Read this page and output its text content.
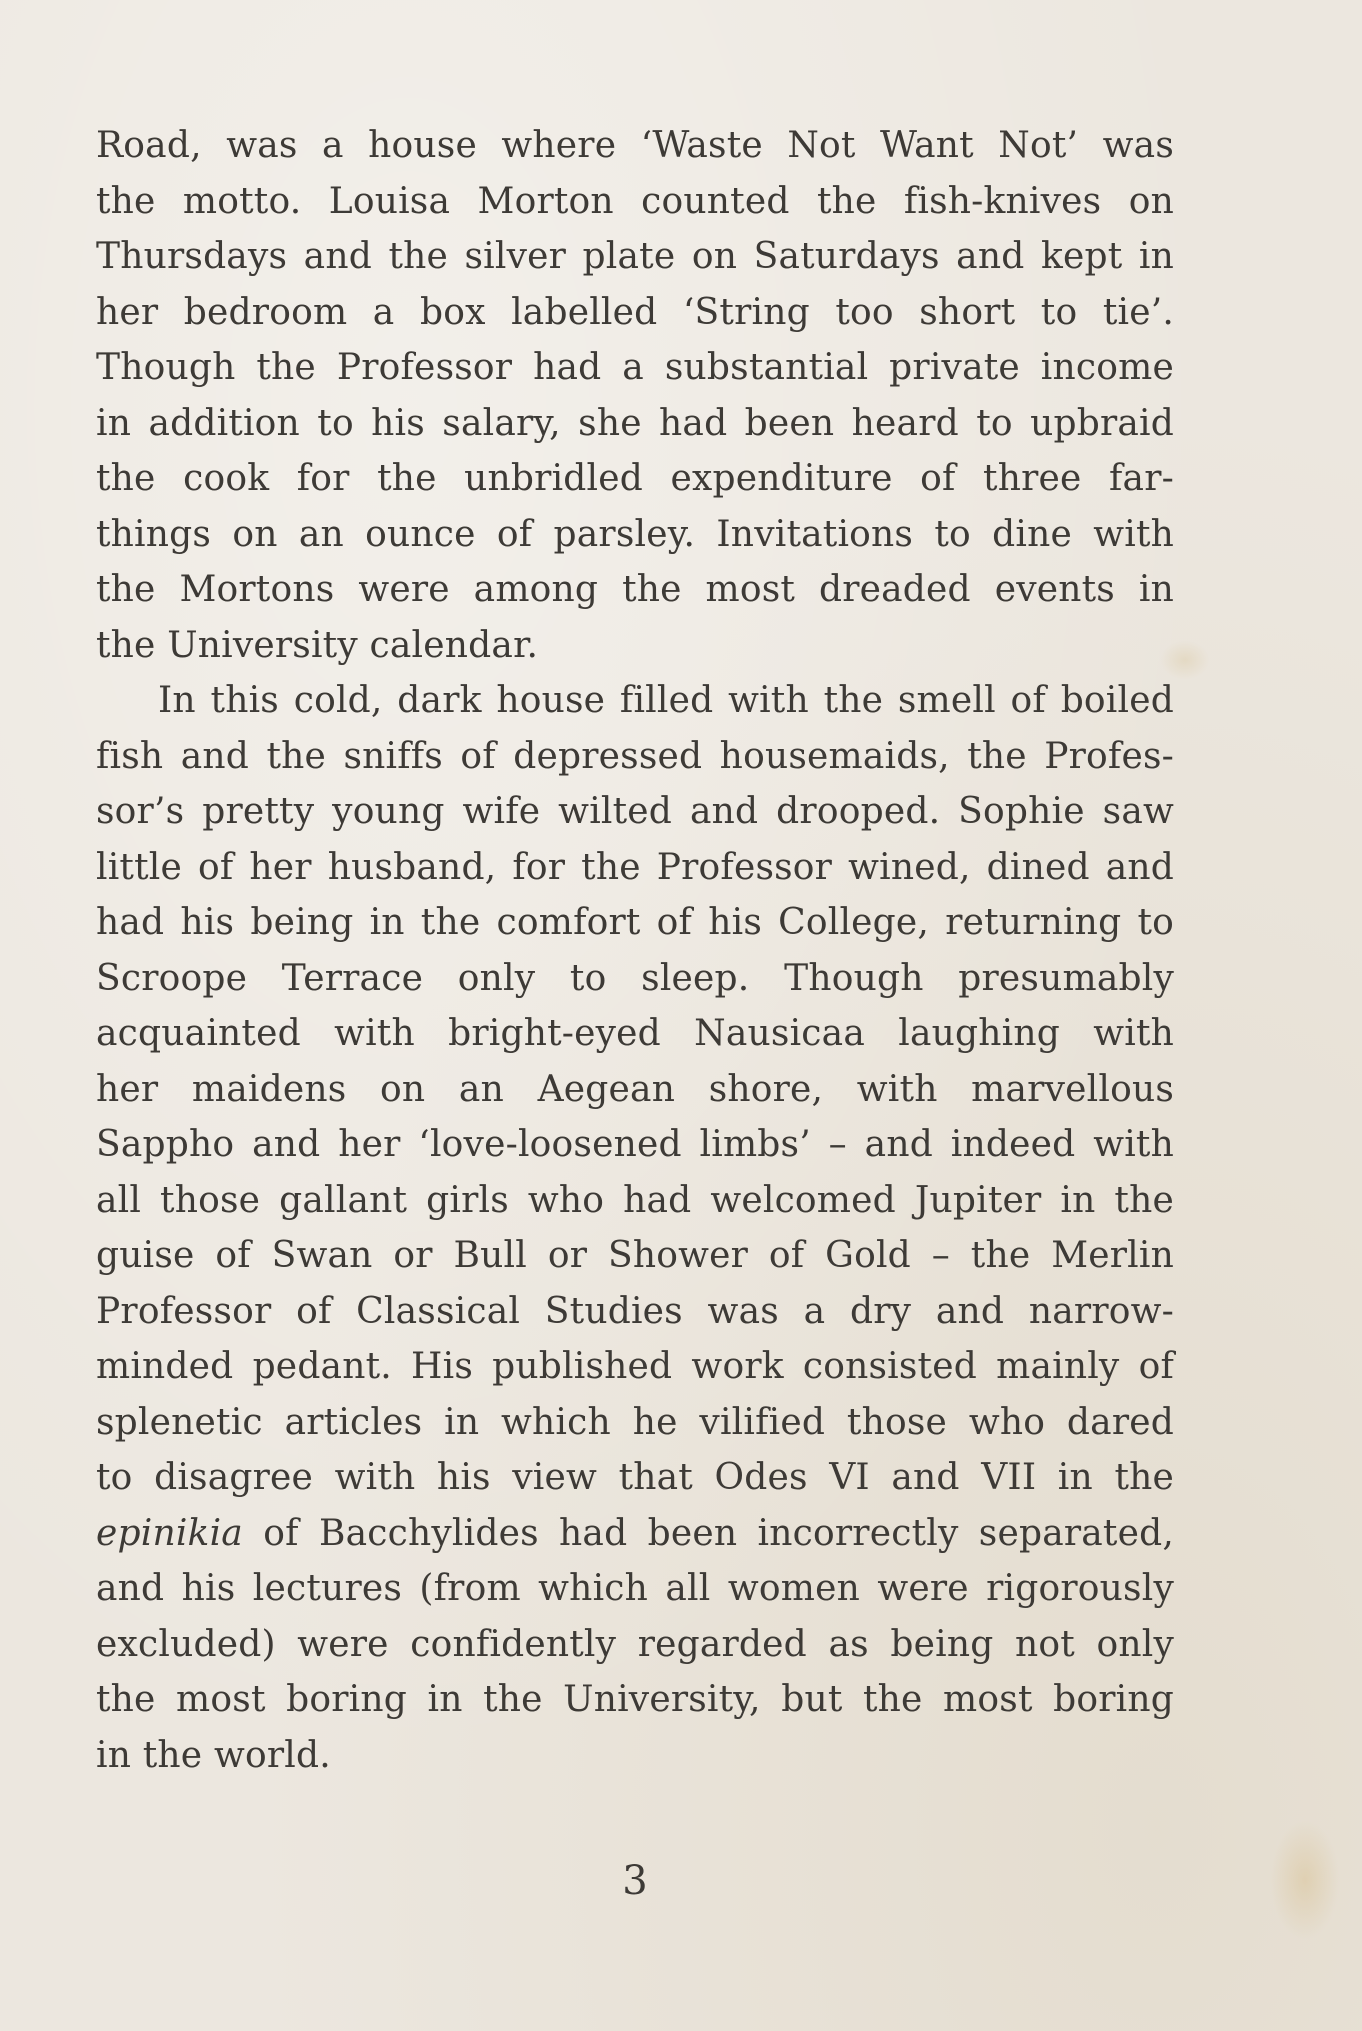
Road, was a house where ‘Waste Not Want Not’ was
the motto. Louisa Morton counted the fish-knives on
Thursdays and the silver plate on Saturdays and kept in
her bedroom a box labelled ‘String too short to tie’.
Though the Professor had a substantial private income
in addition to his salary, she had been heard to upbraid
the cook for the unbridled expenditure of three far-
things on an ounce of parsley. Invitations to dine with
the Mortons were among the most dreaded events in
the University calendar.

In this cold, dark house filled with the smell of boiled
fish and the sniffs of depressed housemaids, the Profes-
sor’s pretty young wife wilted and drooped. Sophie saw
little of her husband, for the Professor wined, dined and
had his being in the comfort of his College, returning to
Scroope Terrace only to sleep. Though presumably
acquainted with bright-eyed Nausicaa laughing with
her maidens on an Aegean shore, with marvellous
Sappho and her ‘love-loosened limbs’ – and indeed with
all those gallant girls who had welcomed Jupiter in the
guise of Swan or Bull or Shower of Gold – the Merlin
Professor of Classical Studies was a dry and narrow-
minded pedant. His published work consisted mainly of
splenetic articles in which he vilified those who dared
to disagree with his view that Odes VI and VII in the
epinikia of Bacchylides had been incorrectly separated,
and his lectures (from which all women were rigorously
excluded) were confidently regarded as being not only
the most boring in the University, but the most boring
in the world.

3
